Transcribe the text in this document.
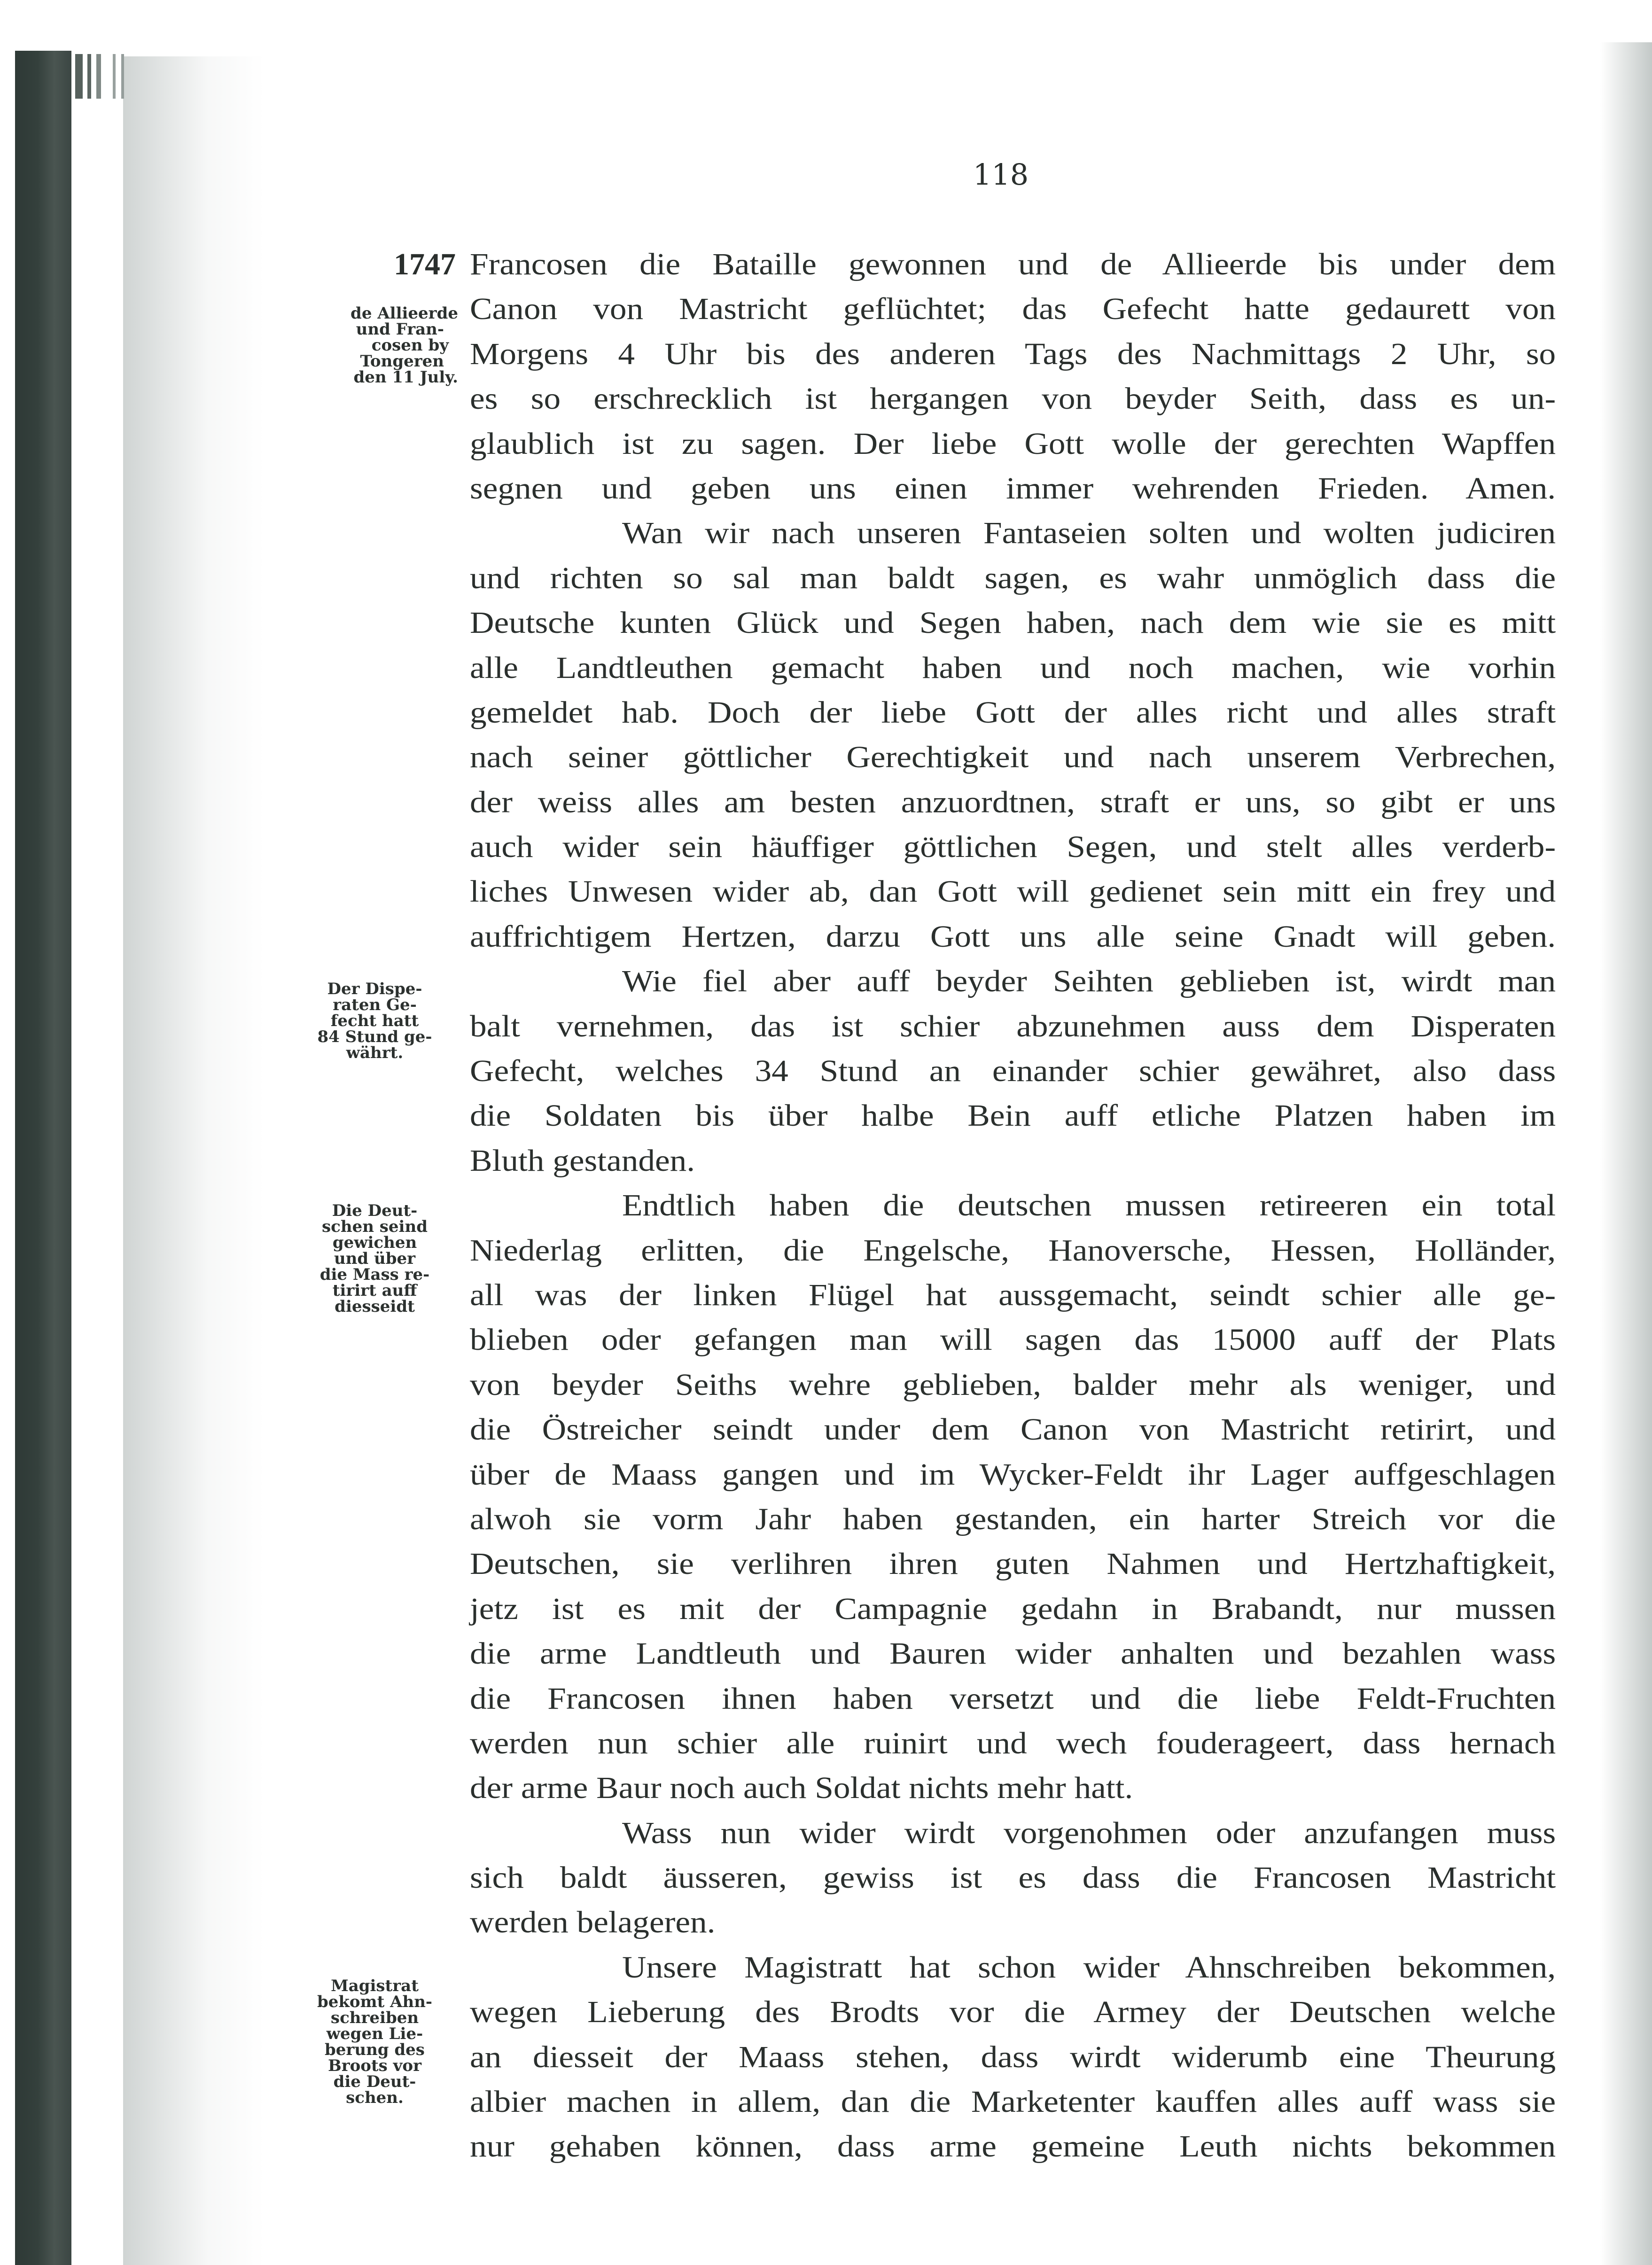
118
1747
de Allieerde
und Fran-
cosen by
Tongeren
den 11 July.
Der Dispe-
raten Ge-
fecht hatt
84 Stund ge-
währt.
Die Deut-
schen seind
gewichen
und über
die Mass re-
tirirt auff
diesseidt
Magistrat
bekomt Ahn-
schreiben
wegen Lie-
berung des
Broots vor
die Deut-
schen.
Francosen die Bataille gewonnen und de Allieerde bis under dem
Canon von Mastricht geflüchtet; das Gefecht hatte gedaurett von
Morgens 4 Uhr bis des anderen Tags des Nachmittags 2 Uhr, so
es so erschrecklich ist hergangen von beyder Seith, dass es un-
glaublich ist zu sagen. Der liebe Gott wolle der gerechten Wapffen
segnen und geben uns einen immer wehrenden Frieden. Amen.
Wan wir nach unseren Fantaseien solten und wolten judiciren
und richten so sal man baldt sagen, es wahr unmöglich dass die
Deutsche kunten Glück und Segen haben, nach dem wie sie es mitt
alle Landtleuthen gemacht haben und noch machen, wie vorhin
gemeldet hab. Doch der liebe Gott der alles richt und alles straft
nach seiner göttlicher Gerechtigkeit und nach unserem Verbrechen,
der weiss alles am besten anzuordtnen, straft er uns, so gibt er uns
auch wider sein häuffiger göttlichen Segen, und stelt alles verderb-
liches Unwesen wider ab, dan Gott will gedienet sein mitt ein frey und
auffrichtigem Hertzen, darzu Gott uns alle seine Gnadt will geben.
Wie fiel aber auff beyder Seihten geblieben ist, wirdt man
balt vernehmen, das ist schier abzunehmen auss dem Disperaten
Gefecht, welches 34 Stund an einander schier gewähret, also dass
die Soldaten bis über halbe Bein auff etliche Platzen haben im
Bluth gestanden.
Endtlich haben die deutschen mussen retireeren ein total
Niederlag erlitten, die Engelsche, Hanoversche, Hessen, Holländer,
all was der linken Flügel hat aussgemacht, seindt schier alle ge-
blieben oder gefangen man will sagen das 15000 auff der Plats
von beyder Seiths wehre geblieben, balder mehr als weniger, und
die Östreicher seindt under dem Canon von Mastricht retirirt, und
über de Maass gangen und im Wycker-Feldt ihr Lager auffgeschlagen
alwoh sie vorm Jahr haben gestanden, ein harter Streich vor die
Deutschen, sie verlihren ihren guten Nahmen und Hertzhaftigkeit,
jetz ist es mit der Campagnie gedahn in Brabandt, nur mussen
die arme Landtleuth und Bauren wider anhalten und bezahlen wass
die Francosen ihnen haben versetzt und die liebe Feldt-Fruchten
werden nun schier alle ruinirt und wech fouderageert, dass hernach
der arme Baur noch auch Soldat nichts mehr hatt.
Wass nun wider wirdt vorgenohmen oder anzufangen muss
sich baldt äusseren, gewiss ist es dass die Francosen Mastricht
werden belageren.
Unsere Magistratt hat schon wider Ahnschreiben bekommen,
wegen Lieberung des Brodts vor die Armey der Deutschen welche
an diesseit der Maass stehen, dass wirdt widerumb eine Theurung
albier machen in allem, dan die Marketenter kauffen alles auff wass sie
nur gehaben können, dass arme gemeine Leuth nichts bekommen
